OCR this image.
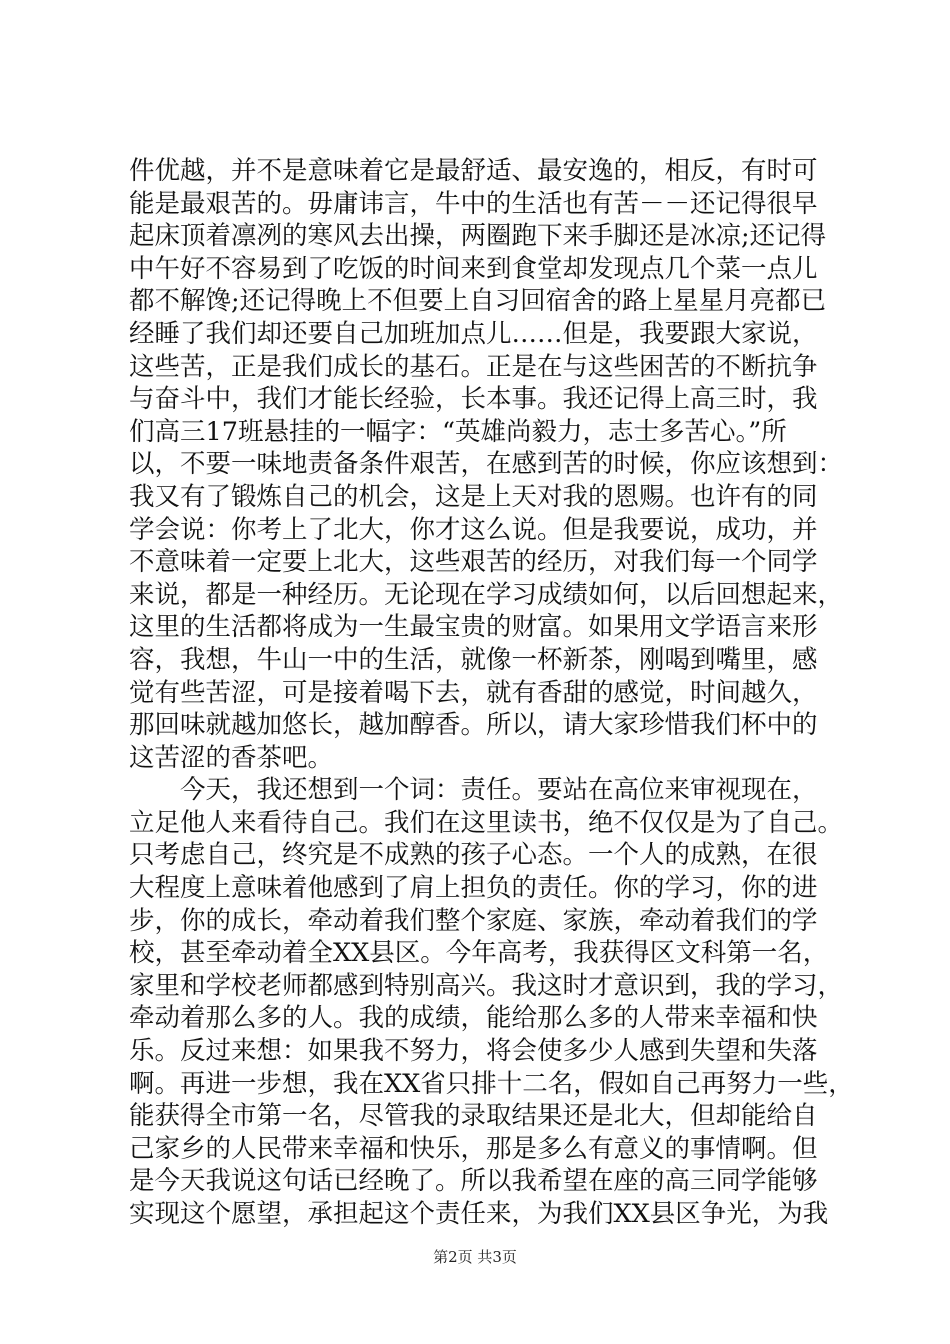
件优越，并不是意味着它是最舒适、最安逸的，相反，有时可
能是最艰苦的。毋庸讳言，牛中的生活也有苦－－还记得很早
起床顶着凛冽的寒风去出操，两圈跑下来手脚还是冰凉;还记得
中午好不容易到了吃饭的时间来到食堂却发现点几个菜一点儿
都不解馋;还记得晚上不但要上自习回宿舍的路上星星月亮都已
经睡了我们却还要自己加班加点儿……但是，我要跟大家说，
这些苦，正是我们成长的基石。正是在与这些困苦的不断抗争
与奋斗中，我们才能长经验，长本事。我还记得上高三时，我
们高三17班悬挂的一幅字：“英雄尚毅力，志士多苦心。”所
以，不要一味地责备条件艰苦，在感到苦的时候，你应该想到：
我又有了锻炼自己的机会，这是上天对我的恩赐。也许有的同
学会说：你考上了北大，你才这么说。但是我要说，成功，并
不意味着一定要上北大，这些艰苦的经历，对我们每一个同学
来说，都是一种经历。无论现在学习成绩如何，以后回想起来，
这里的生活都将成为一生最宝贵的财富。如果用文学语言来形
容，我想，牛山一中的生活，就像一杯新茶，刚喝到嘴里，感
觉有些苦涩，可是接着喝下去，就有香甜的感觉，时间越久，
那回味就越加悠长，越加醇香。所以，请大家珍惜我们杯中的
这苦涩的香茶吧。
　　今天，我还想到一个词：责任。要站在高位来审视现在，
立足他人来看待自己。我们在这里读书，绝不仅仅是为了自己。
只考虑自己，终究是不成熟的孩子心态。一个人的成熟，在很
大程度上意味着他感到了肩上担负的责任。你的学习，你的进
步，你的成长，牵动着我们整个家庭、家族，牵动着我们的学
校，甚至牵动着全XX县区。今年高考，我获得区文科第一名，
家里和学校老师都感到特别高兴。我这时才意识到，我的学习，
牵动着那么多的人。我的成绩，能给那么多的人带来幸福和快
乐。反过来想：如果我不努力，将会使多少人感到失望和失落
啊。再进一步想，我在XX省只排十二名，假如自己再努力一些，
能获得全市第一名，尽管我的录取结果还是北大，但却能给自
己家乡的人民带来幸福和快乐，那是多么有意义的事情啊。但
是今天我说这句话已经晚了。所以我希望在座的高三同学能够
实现这个愿望，承担起这个责任来，为我们XX县区争光，为我
第2页 共3页
